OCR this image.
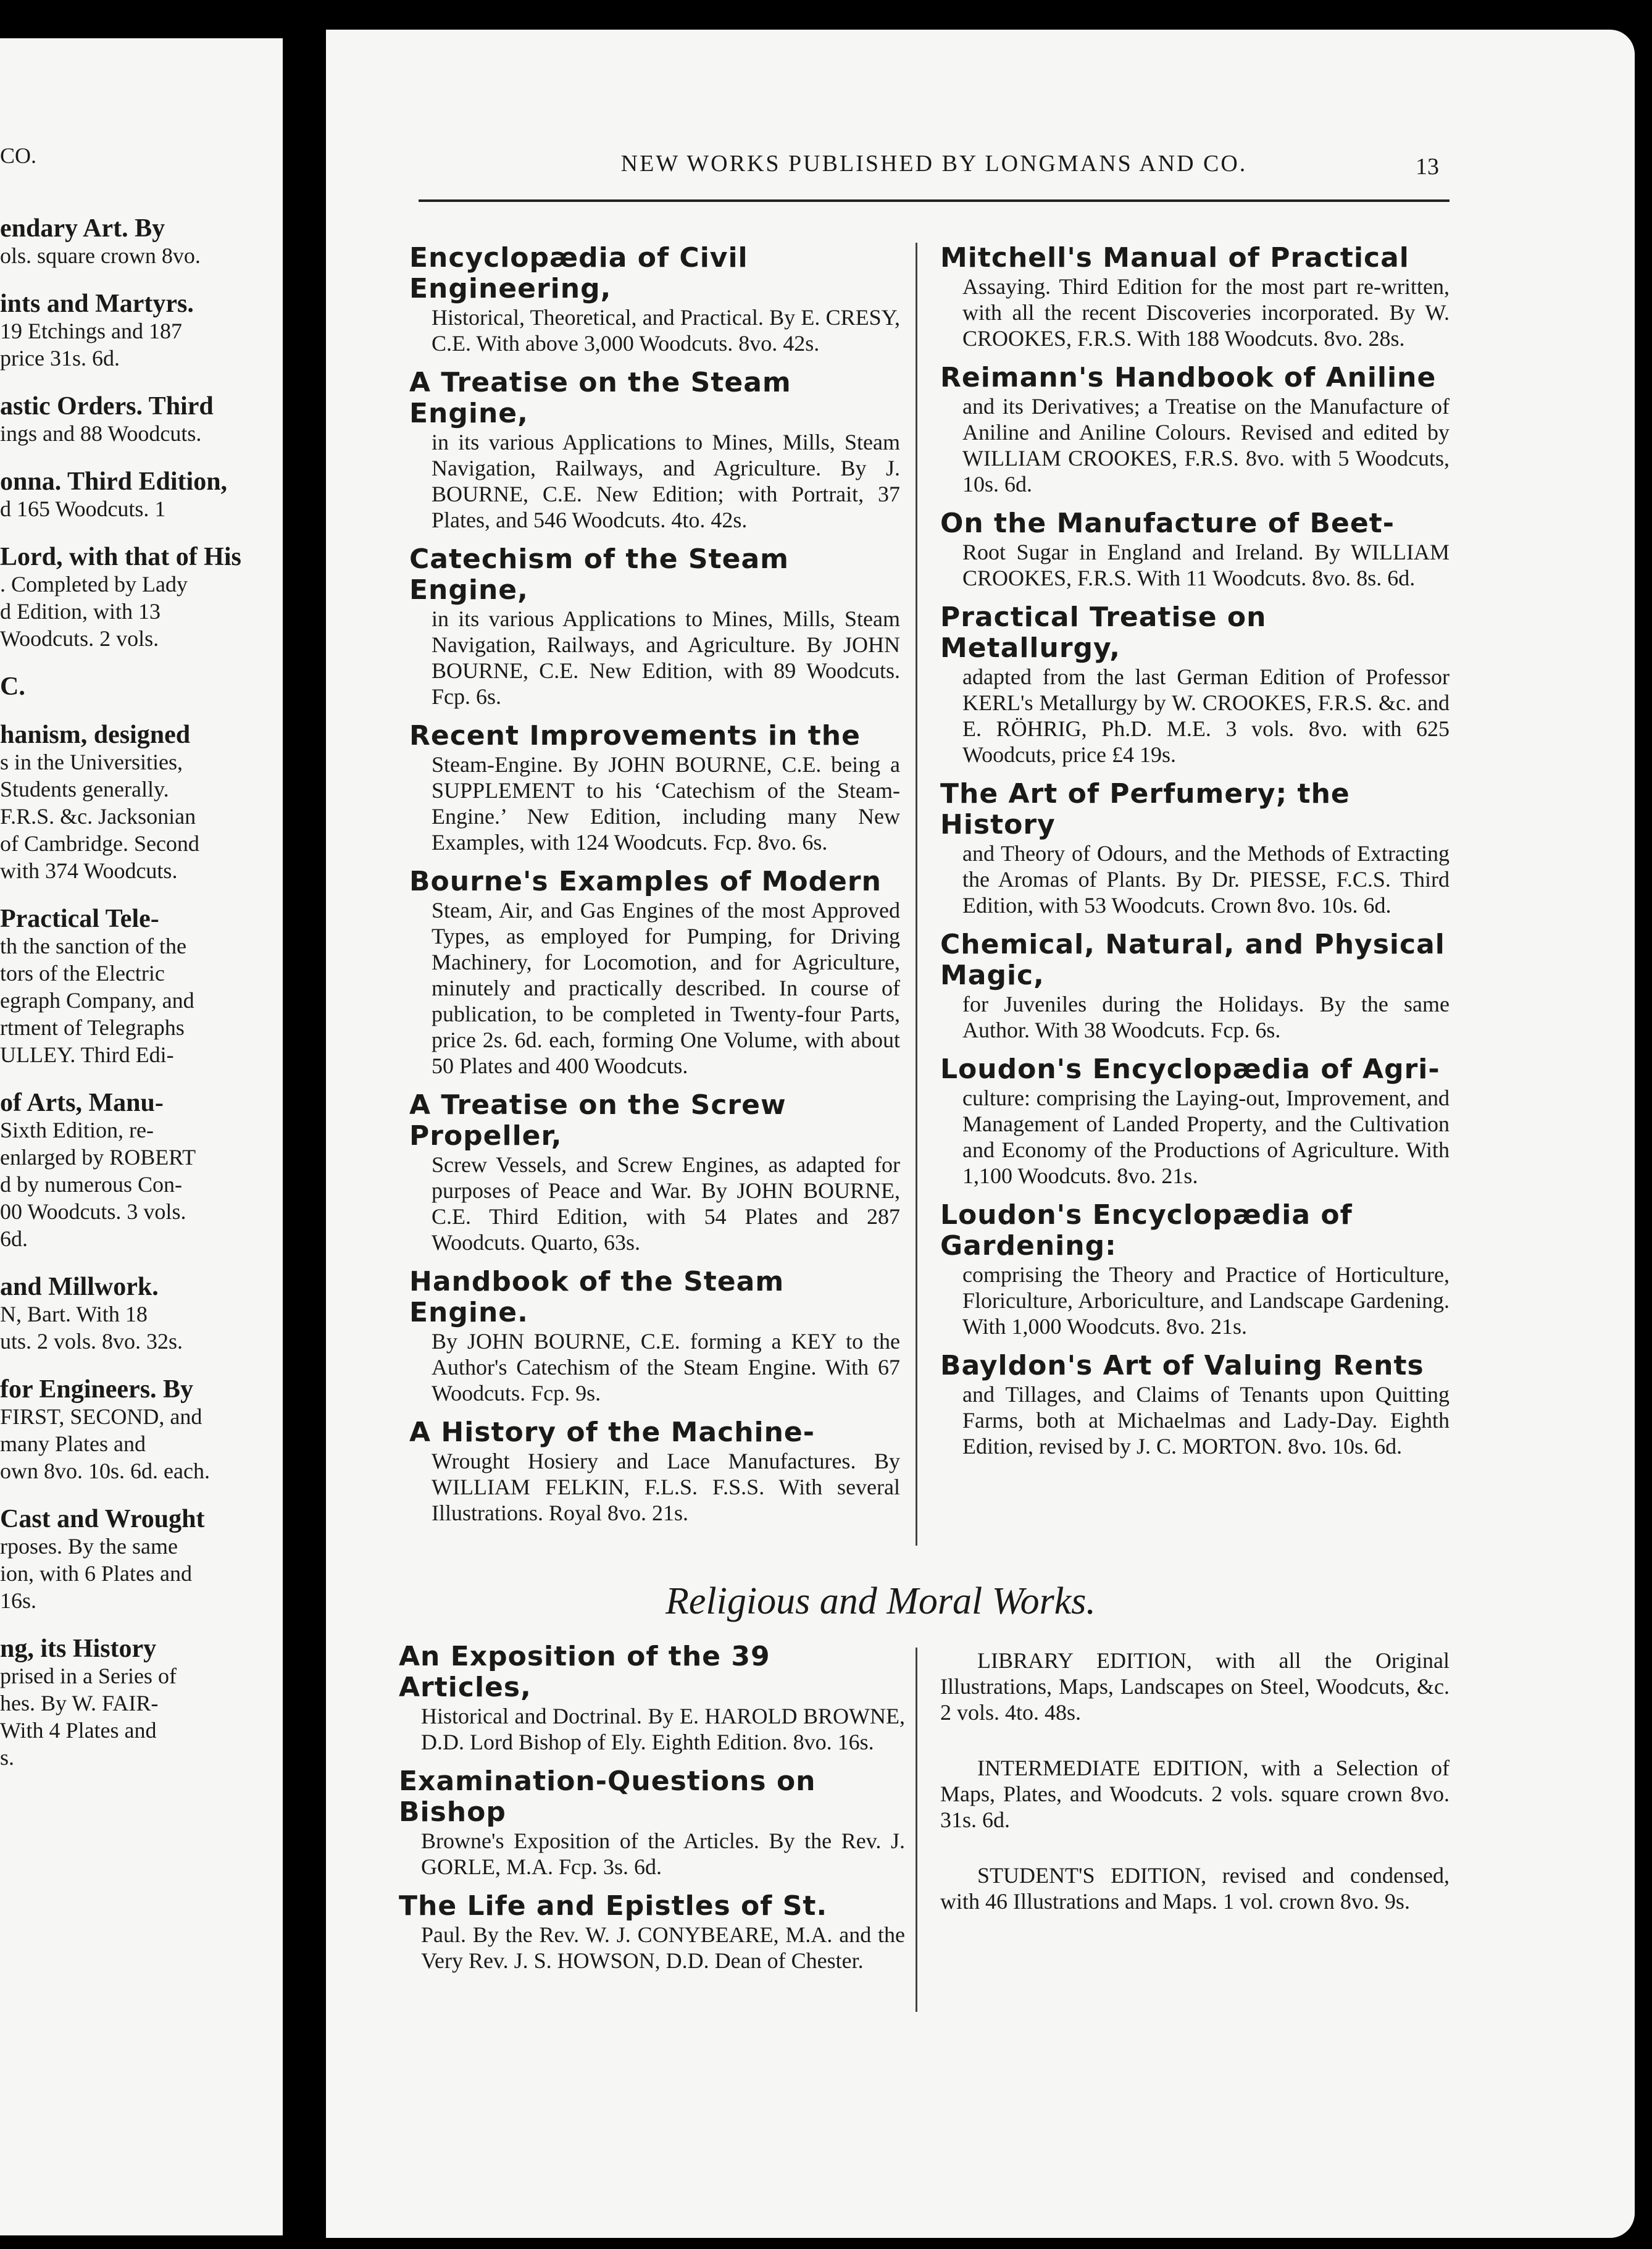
CO.
endary Art. By
ols. square crown 8vo.
ints and Martyrs.
19 Etchings and 187
price 31s. 6d.
astic Orders. Third
ings and 88 Woodcuts.
onna. Third Edition,
d 165 Woodcuts. 1
Lord, with that of His
. Completed by Lady
d Edition, with 13
Woodcuts. 2 vols.
C.
hanism, designed
s in the Universities,
Students generally.
F.R.S. &c. Jacksonian
of Cambridge. Second
with 374 Woodcuts.
Practical Tele-
th the sanction of the
tors of the Electric
egraph Company, and
rtment of Telegraphs
ULLEY. Third Edi-
of Arts, Manu-
Sixth Edition, re-
enlarged by ROBERT
d by numerous Con-
00 Woodcuts. 3 vols.
6d.
and Millwork.
N, Bart. With 18
uts. 2 vols. 8vo. 32s.
for Engineers. By
FIRST, SECOND, and
many Plates and
own 8vo. 10s. 6d. each.
Cast and Wrought
rposes. By the same
ion, with 6 Plates and
16s.
ng, its History
prised in a Series of
hes. By W. FAIR-
With 4 Plates and
s.
NEW WORKS PUBLISHED BY LONGMANS AND CO.	13
Encyclopædia of Civil Engineering,
Historical, Theoretical, and Practical. By E. CRESY, C.E. With above 3,000 Woodcuts. 8vo. 42s.
A Treatise on the Steam Engine,
in its various Applications to Mines, Mills, Steam Navigation, Railways, and Agriculture. By J. BOURNE, C.E. New Edition; with Portrait, 37 Plates, and 546 Woodcuts. 4to. 42s.
Catechism of the Steam Engine,
in its various Applications to Mines, Mills, Steam Navigation, Railways, and Agriculture. By JOHN BOURNE, C.E. New Edition, with 89 Woodcuts. Fcp. 6s.
Recent Improvements in the
Steam-Engine. By JOHN BOURNE, C.E. being a SUPPLEMENT to his ‘Catechism of the Steam-Engine.’ New Edition, including many New Examples, with 124 Woodcuts. Fcp. 8vo. 6s.
Bourne's Examples of Modern
Steam, Air, and Gas Engines of the most Approved Types, as employed for Pumping, for Driving Machinery, for Locomotion, and for Agriculture, minutely and practically described. In course of publication, to be completed in Twenty-four Parts, price 2s. 6d. each, forming One Volume, with about 50 Plates and 400 Woodcuts.
A Treatise on the Screw Propeller,
Screw Vessels, and Screw Engines, as adapted for purposes of Peace and War. By JOHN BOURNE, C.E. Third Edition, with 54 Plates and 287 Woodcuts. Quarto, 63s.
Handbook of the Steam Engine.
By JOHN BOURNE, C.E. forming a KEY to the Author's Catechism of the Steam Engine. With 67 Woodcuts. Fcp. 9s.
A History of the Machine-
Wrought Hosiery and Lace Manufactures. By WILLIAM FELKIN, F.L.S. F.S.S. With several Illustrations. Royal 8vo. 21s.
Mitchell's Manual of Practical
Assaying. Third Edition for the most part re-written, with all the recent Discoveries incorporated. By W. CROOKES, F.R.S. With 188 Woodcuts. 8vo. 28s.
Reimann's Handbook of Aniline
and its Derivatives; a Treatise on the Manufacture of Aniline and Aniline Colours. Revised and edited by WILLIAM CROOKES, F.R.S. 8vo. with 5 Woodcuts, 10s. 6d.
On the Manufacture of Beet-
Root Sugar in England and Ireland. By WILLIAM CROOKES, F.R.S. With 11 Woodcuts. 8vo. 8s. 6d.
Practical Treatise on Metallurgy,
adapted from the last German Edition of Professor KERL's Metallurgy by W. CROOKES, F.R.S. &c. and E. RÖHRIG, Ph.D. M.E. 3 vols. 8vo. with 625 Woodcuts, price £4 19s.
The Art of Perfumery; the History
and Theory of Odours, and the Methods of Extracting the Aromas of Plants. By Dr. PIESSE, F.C.S. Third Edition, with 53 Woodcuts. Crown 8vo. 10s. 6d.
Chemical, Natural, and Physical Magic,
for Juveniles during the Holidays. By the same Author. With 38 Woodcuts. Fcp. 6s.
Loudon's Encyclopædia of Agri-
culture: comprising the Laying-out, Improvement, and Management of Landed Property, and the Cultivation and Economy of the Productions of Agriculture. With 1,100 Woodcuts. 8vo. 21s.
Loudon's Encyclopædia of Gardening:
comprising the Theory and Practice of Horticulture, Floriculture, Arboriculture, and Landscape Gardening. With 1,000 Woodcuts. 8vo. 21s.
Bayldon's Art of Valuing Rents
and Tillages, and Claims of Tenants upon Quitting Farms, both at Michaelmas and Lady-Day. Eighth Edition, revised by J. C. MORTON. 8vo. 10s. 6d.
Religious and Moral Works.
An Exposition of the 39 Articles,
Historical and Doctrinal. By E. HAROLD BROWNE, D.D. Lord Bishop of Ely. Eighth Edition. 8vo. 16s.
Examination-Questions on Bishop
Browne's Exposition of the Articles. By the Rev. J. GORLE, M.A. Fcp. 3s. 6d.
The Life and Epistles of St.
Paul. By the Rev. W. J. CONYBEARE, M.A. and the Very Rev. J. S. HOWSON, D.D. Dean of Chester.
LIBRARY EDITION, with all the Original Illustrations, Maps, Landscapes on Steel, Woodcuts, &c. 2 vols. 4to. 48s.
INTERMEDIATE EDITION, with a Selection of Maps, Plates, and Woodcuts. 2 vols. square crown 8vo. 31s. 6d.
STUDENT'S EDITION, revised and condensed, with 46 Illustrations and Maps. 1 vol. crown 8vo. 9s.
